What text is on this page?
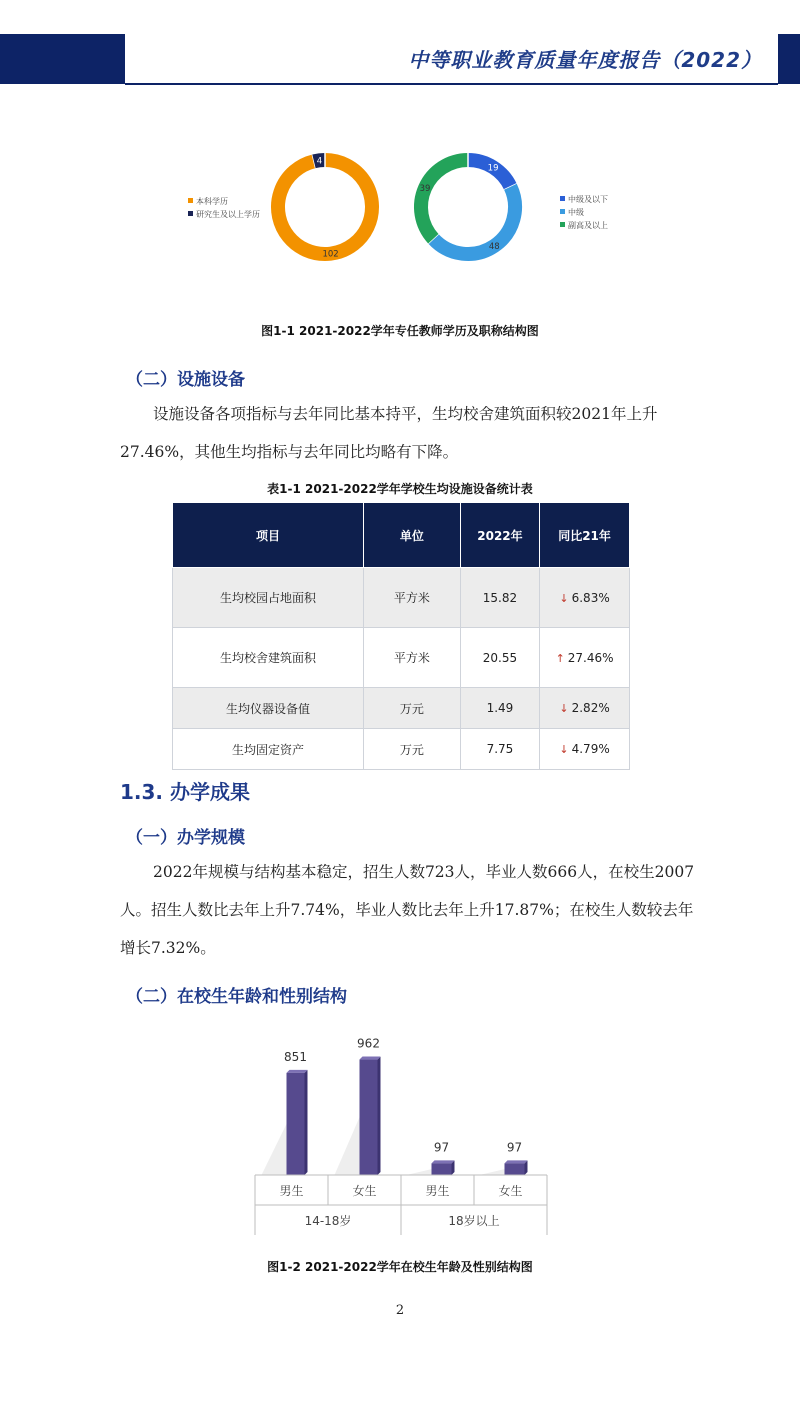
中等职业教育质量年度报告（2022）
102
4
本科学历
研究生及以上学历
19
48
39
中级及以下
中级
副高及以上
图1-1 2021-2022学年专任教师学历及职称结构图
（二）设施设备
设施设备各项指标与去年同比基本持平，生均校舍建筑面积较2021年上升27.46%，其他生均指标与去年同比均略有下降。
表1-1 2021-2022学年学校生均设施设备统计表
项目	单位	2022年	同比21年
生均校园占地面积	平方米	15.82	↓ 6.83%
生均校舍建筑面积	平方米	20.55	↑ 27.46%
生均仪器设备值	万元	1.49	↓ 2.82%
生均固定资产	万元	7.75	↓ 4.79%
1.3. 办学成果
（一）办学规模
2022年规模与结构基本稳定，招生人数723人，毕业人数666人，在校生2007人。招生人数比去年上升7.74%，毕业人数比去年上升17.87%；在校生人数较去年增长7.32%。
（二）在校生年龄和性别结构
851
962
97	97
男生	女生	男生	女生
14-18岁	18岁以上
图1-2 2021-2022学年在校生年龄及性别结构图
2
